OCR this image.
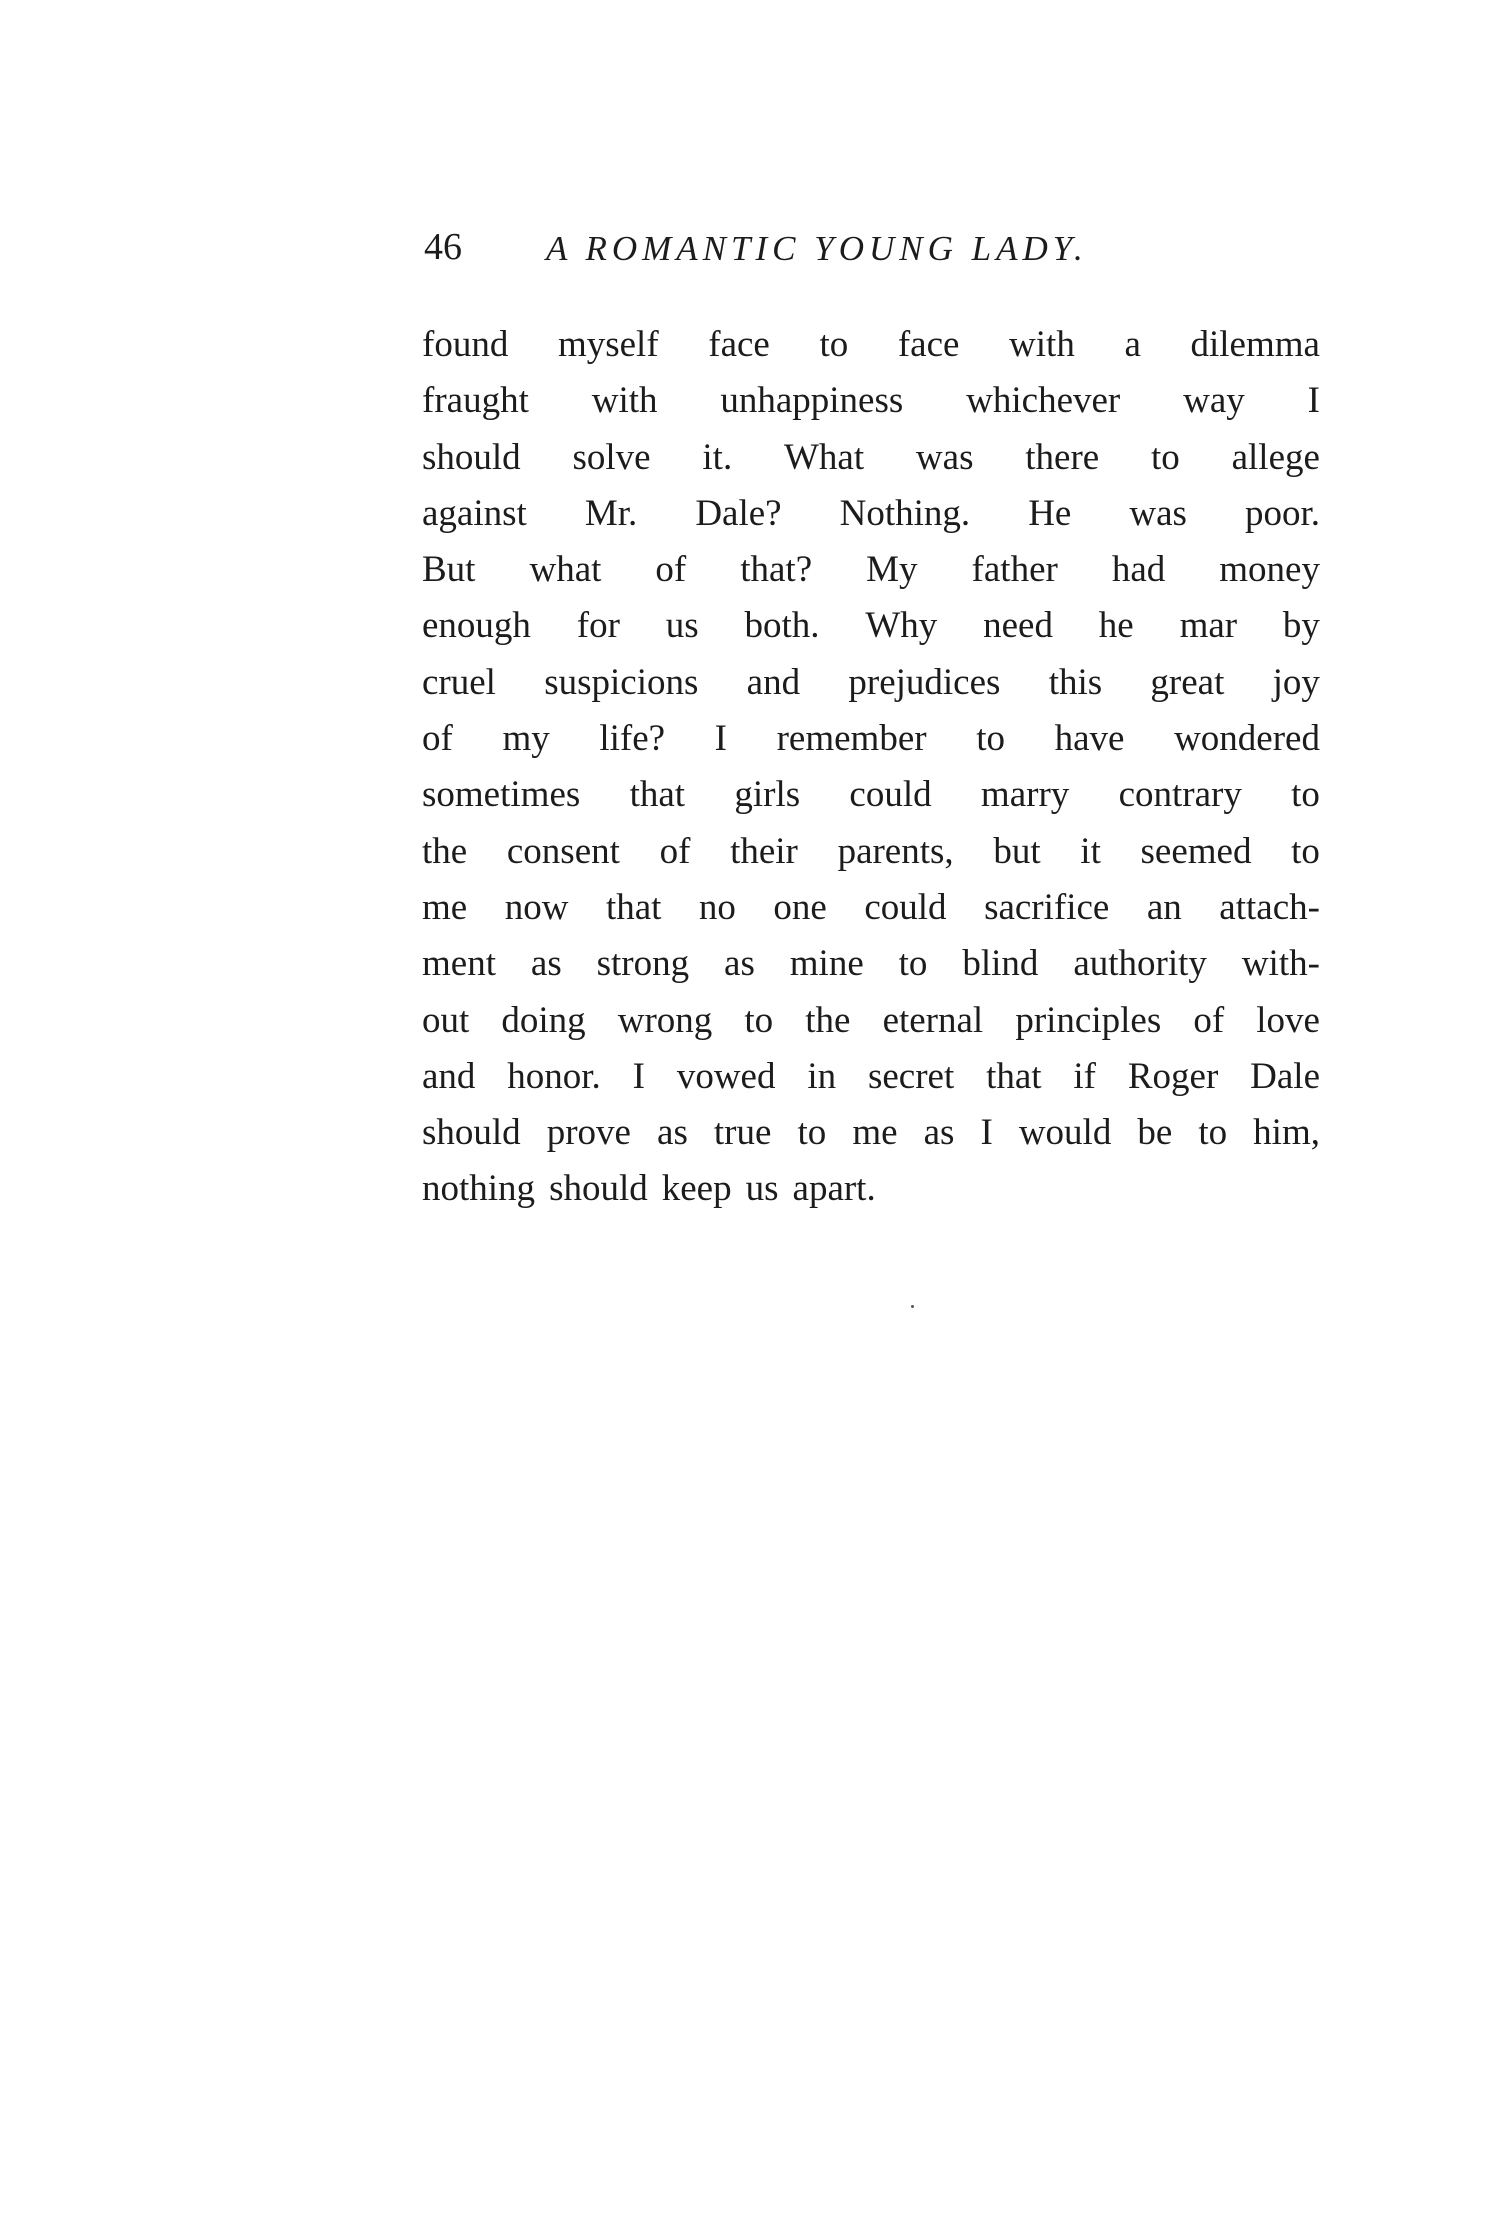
46 A ROMANTIC YOUNG LADY.
found myself face to face with a dilemma
fraught with unhappiness whichever way I
should solve it. What was there to allege
against Mr. Dale? Nothing. He was poor.
But what of that? My father had money
enough for us both. Why need he mar by
cruel suspicions and prejudices this great joy
of my life? I remember to have wondered
sometimes that girls could marry contrary to
the consent of their parents, but it seemed to
me now that no one could sacrifice an attach-
ment as strong as mine to blind authority with-
out doing wrong to the eternal principles of love
and honor. I vowed in secret that if Roger Dale
should prove as true to me as I would be to him,
nothing should keep us apart.
